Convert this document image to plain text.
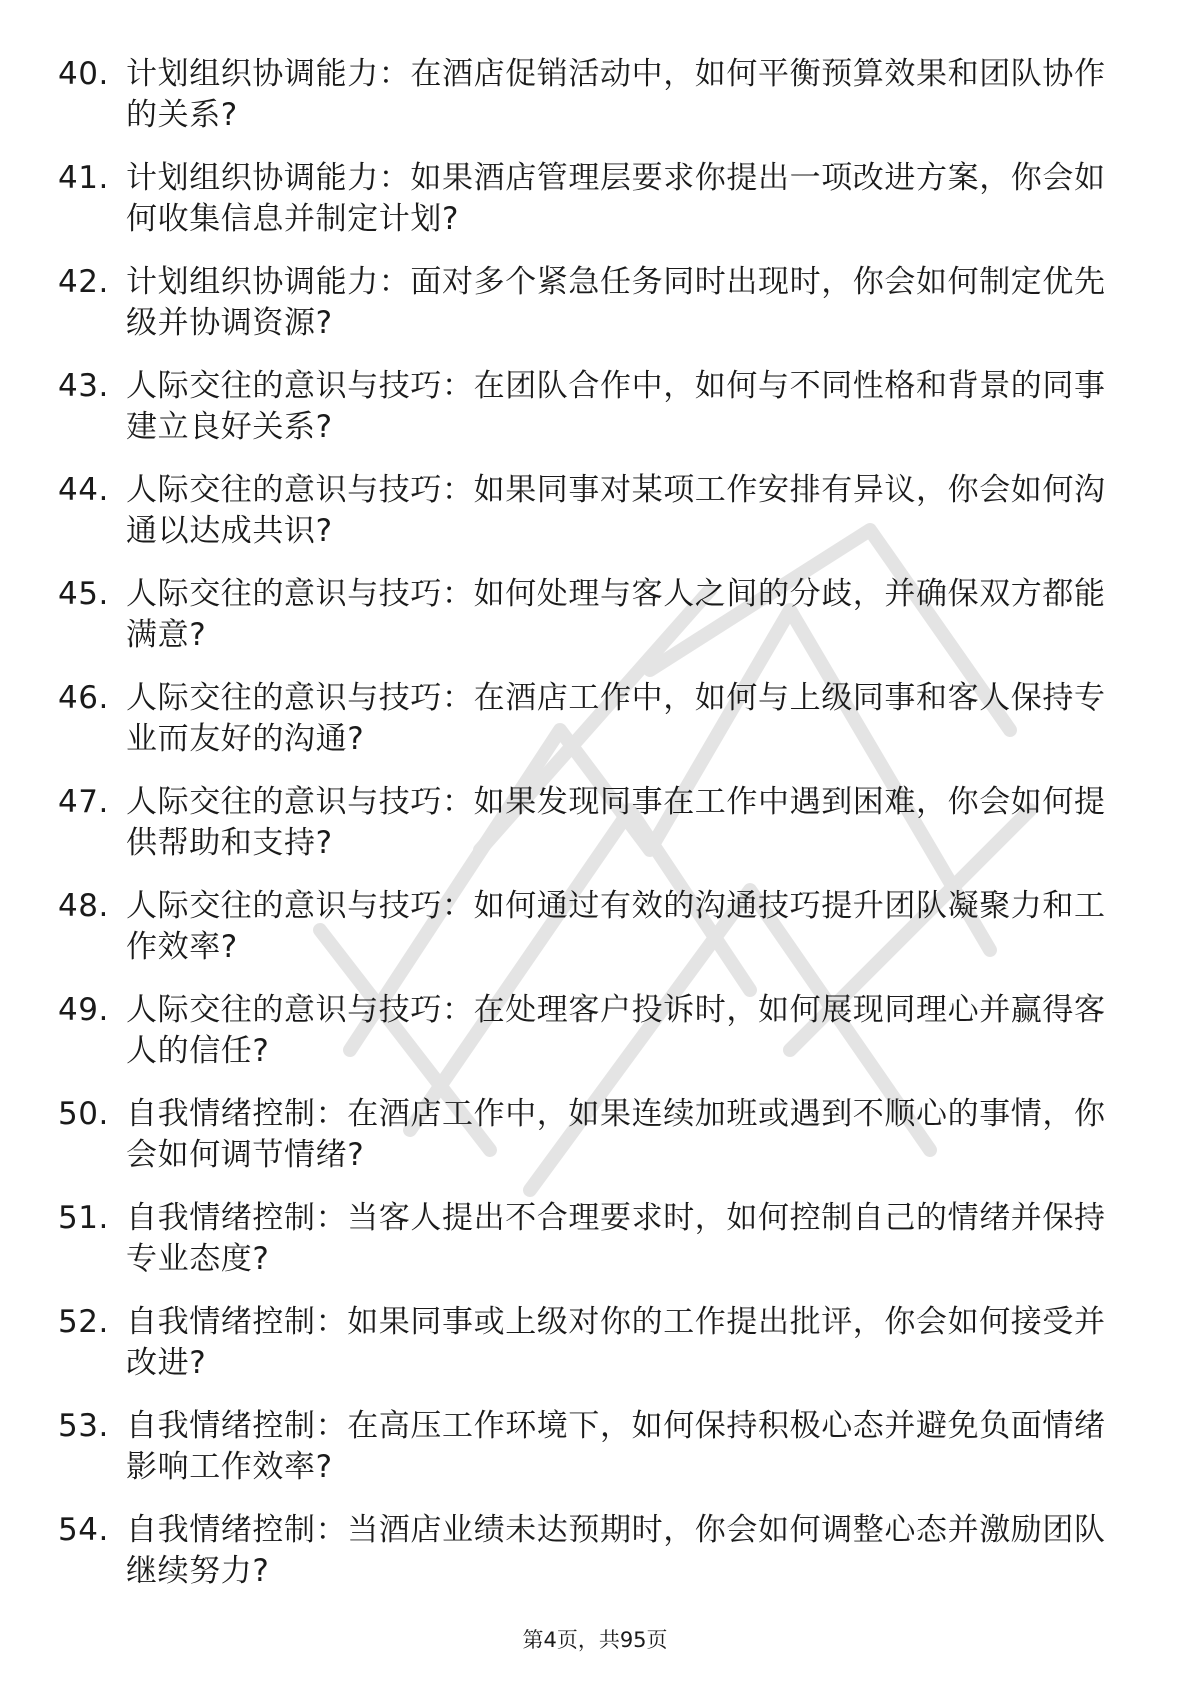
40. 计划组织协调能力：在酒店促销活动中，如何平衡预算效果和团队协作的关系?
41. 计划组织协调能力：如果酒店管理层要求你提出一项改进方案，你会如何收集信息并制定计划?
42. 计划组织协调能力：面对多个紧急任务同时出现时，你会如何制定优先级并协调资源?
43. 人际交往的意识与技巧：在团队合作中，如何与不同性格和背景的同事建立良好关系?
44. 人际交往的意识与技巧：如果同事对某项工作安排有异议，你会如何沟通以达成共识?
45. 人际交往的意识与技巧：如何处理与客人之间的分歧，并确保双方都能满意?
46. 人际交往的意识与技巧：在酒店工作中，如何与上级同事和客人保持专业而友好的沟通?
47. 人际交往的意识与技巧：如果发现同事在工作中遇到困难，你会如何提供帮助和支持?
48. 人际交往的意识与技巧：如何通过有效的沟通技巧提升团队凝聚力和工作效率?
49. 人际交往的意识与技巧：在处理客户投诉时，如何展现同理心并赢得客人的信任?
50. 自我情绪控制：在酒店工作中，如果连续加班或遇到不顺心的事情，你会如何调节情绪?
51. 自我情绪控制：当客人提出不合理要求时，如何控制自己的情绪并保持专业态度?
52. 自我情绪控制：如果同事或上级对你的工作提出批评，你会如何接受并改进?
53. 自我情绪控制：在高压工作环境下，如何保持积极心态并避免负面情绪影响工作效率?
54. 自我情绪控制：当酒店业绩未达预期时，你会如何调整心态并激励团队继续努力?
第4页，共95页
